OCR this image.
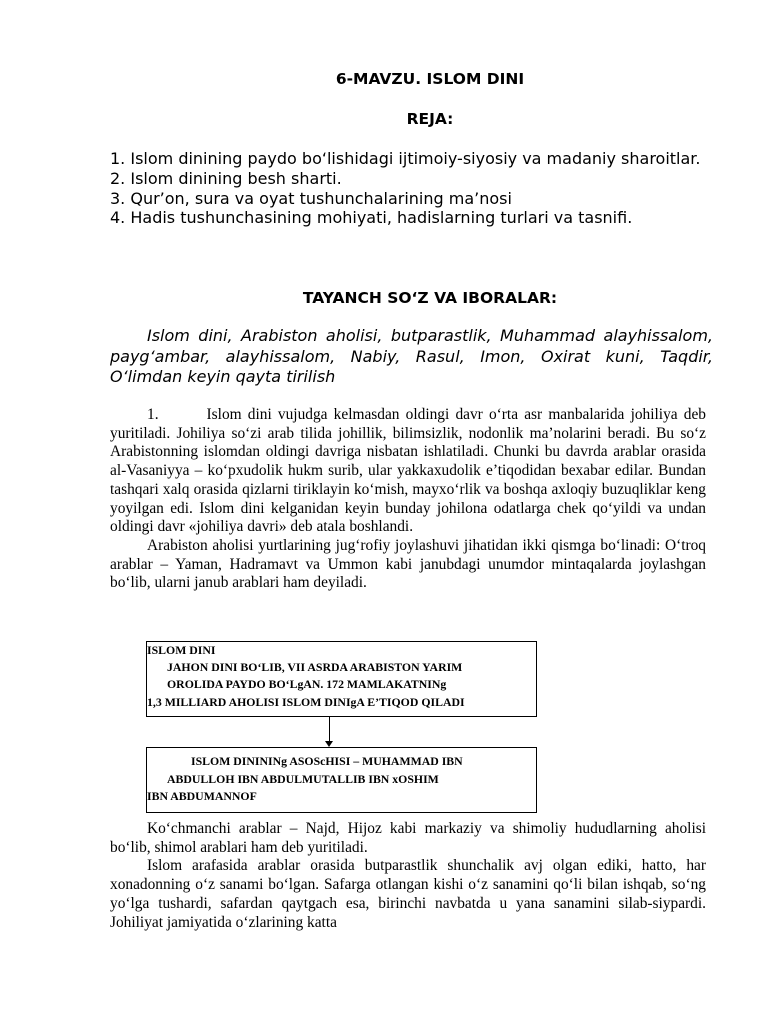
6-MAVZU. ISLOM DINI
REJA:
1. Islom dinining paydo bo‘lishidagi ijtimoiy-siyosiy va madaniy sharoitlar.
2. Islom dinining besh sharti.
3. Qur’on, sura va oyat tushunchalarining ma’nosi
4. Hadis tushunchasining mohiyati, hadislarning turlari va tasnifi.
TAYANCH SO‘Z VA IBORALAR:
Islom dini, Arabiston aholisi, butparastlik, Muhammad alayhissalom, payg‘ambar, alayhissalom, Nabiy, Rasul, Imon, Oxirat kuni, Taqdir, O‘limdan keyin qayta tirilish

1.	Islom dini vujudga kelmasdan oldingi davr o‘rta asr manbalarida johiliya deb yuritiladi. Johiliya so‘zi arab tilida johillik, bilimsizlik, nodonlik ma’nolarini beradi. Bu so‘z Arabistonning islomdan oldingi davriga nisbatan ishlatiladi. Chunki bu davrda arablar orasida al-Vasaniyya – ko‘pxudolik hukm surib, ular yakkaxudolik e’tiqodidan bexabar edilar. Bundan tashqari xalq orasida qizlarni tiriklayin ko‘mish, mayxo‘rlik va boshqa axloqiy buzuqliklar keng yoyilgan edi. Islom dini kelganidan keyin bunday johilona odatlarga chek qo‘yildi va undan oldingi davr «johiliya davri» deb atala boshlandi.

Arabiston aholisi yurtlarining jug‘rofiy joylashuvi jihatidan ikki qismga bo‘linadi: O‘troq arablar – Yaman, Hadramavt va Ummon kabi janubdagi unumdor mintaqalarda joylashgan bo‘lib, ularni janub arablari ham deyiladi.

ISLOM DINI
JAHON DINI BO‘LIB, VII ASRDA ARABISTON YARIM
OROLIDA PAYDO BO‘LgAN. 172 MAMLAKATNINg
1,3 MILLIARD AHOLISI ISLOM DINIgA E’TIQOD QILADI
ISLOM DINININg ASOScHISI – MUHAMMAD IBN
ABDULLOH IBN ABDULMUTALLIB IBN xOSHIM
IBN ABDUMANNOF

Ko‘chmanchi arablar – Najd, Hijoz kabi markaziy va shimoliy hududlarning aholisi bo‘lib, shimol arablari ham deb yuritiladi.

Islom arafasida arablar orasida butparastlik shunchalik avj olgan ediki, hatto, har xonadonning o‘z sanami bo‘lgan. Safarga otlangan kishi o‘z sanamini qo‘li bilan ishqab, so‘ng yo‘lga tushardi, safardan qaytgach esa, birinchi navbatda u yana sanamini silab-siypardi. Johiliyat jamiyatida o‘zlarining katta
